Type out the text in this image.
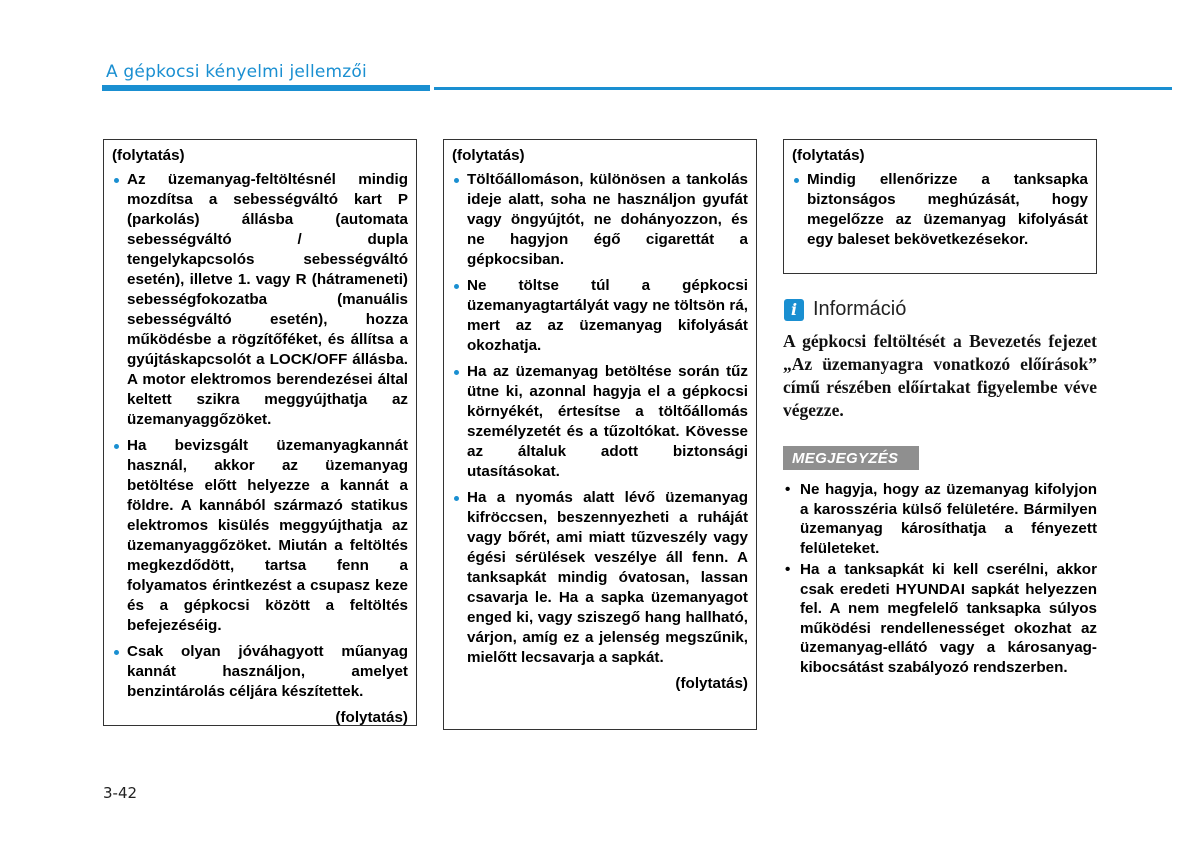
A gépkocsi kényelmi jellemzői
(folytatás)
Az üzemanyag-feltöltésnél mindig mozdítsa a sebességváltó kart P (parkolás) állásba (automata sebességváltó / dupla tengelykapcsolós sebességváltó esetén), illetve 1. vagy R (hátrameneti) sebességfokozatba (manuális sebességváltó esetén), hozza működésbe a rögzítőféket, és állítsa a gyújtáskapcsolót a LOCK/OFF állásba. A motor elektromos berendezései által keltett szikra meggyújthatja az üzemanyaggőzöket.
Ha bevizsgált üzemanyagkannát használ, akkor az üzemanyag betöltése előtt helyezze a kannát a földre. A kannából származó statikus elektromos kisülés meggyújthatja az üzemanyaggőzöket. Miután a feltöltés megkezdődött, tartsa fenn a folyamatos érintkezést a csupasz keze és a gépkocsi között a feltöltés befejezéséig.
Csak olyan jóváhagyott műanyag kannát használjon, amelyet benzintárolás céljára készítettek.
(folytatás)
(folytatás)
Töltőállomáson, különösen a tankolás ideje alatt, soha ne használjon gyufát vagy öngyújtót, ne dohányozzon, és ne hagyjon égő cigarettát a gépkocsiban.
Ne töltse túl a gépkocsi üzemanyagtartályát vagy ne töltsön rá, mert az az üzemanyag kifolyását okozhatja.
Ha az üzemanyag betöltése során tűz ütne ki, azonnal hagyja el a gépkocsi környékét, értesítse a töltőállomás személyzetét és a tűzoltókat. Kövesse az általuk adott biztonsági utasításokat.
Ha a nyomás alatt lévő üzemanyag kifröccsen, beszennyezheti a ruháját vagy bőrét, ami miatt tűzveszély vagy égési sérülések veszélye áll fenn. A tanksapkát mindig óvatosan, lassan csavarja le. Ha a sapka üzemanyagot enged ki, vagy sziszegő hang hallható, várjon, amíg ez a jelenség megszűnik, mielőtt lecsavarja a sapkát.
(folytatás)
(folytatás)
Mindig ellenőrizze a tanksapka biztonságos meghúzását, hogy megelőzze az üzemanyag kifolyását egy baleset bekövetkezésekor.
i Információ
A gépkocsi feltöltését a Bevezetés fejezet „Az üzemanyagra vonatkozó előírások” című részében előírtakat figyelembe véve végezze.
MEGJEGYZÉS
• Ne hagyja, hogy az üzemanyag kifolyjon a karosszéria külső felületére. Bármilyen üzemanyag károsíthatja a fényezett felületeket.
• Ha a tanksapkát ki kell cserélni, akkor csak eredeti HYUNDAI sapkát helyezzen fel. A nem megfelelő tanksapka súlyos működési rendellenességet okozhat az üzemanyag-ellátó vagy a károsanyag-kibocsátást szabályozó rendszerben.
3-42
